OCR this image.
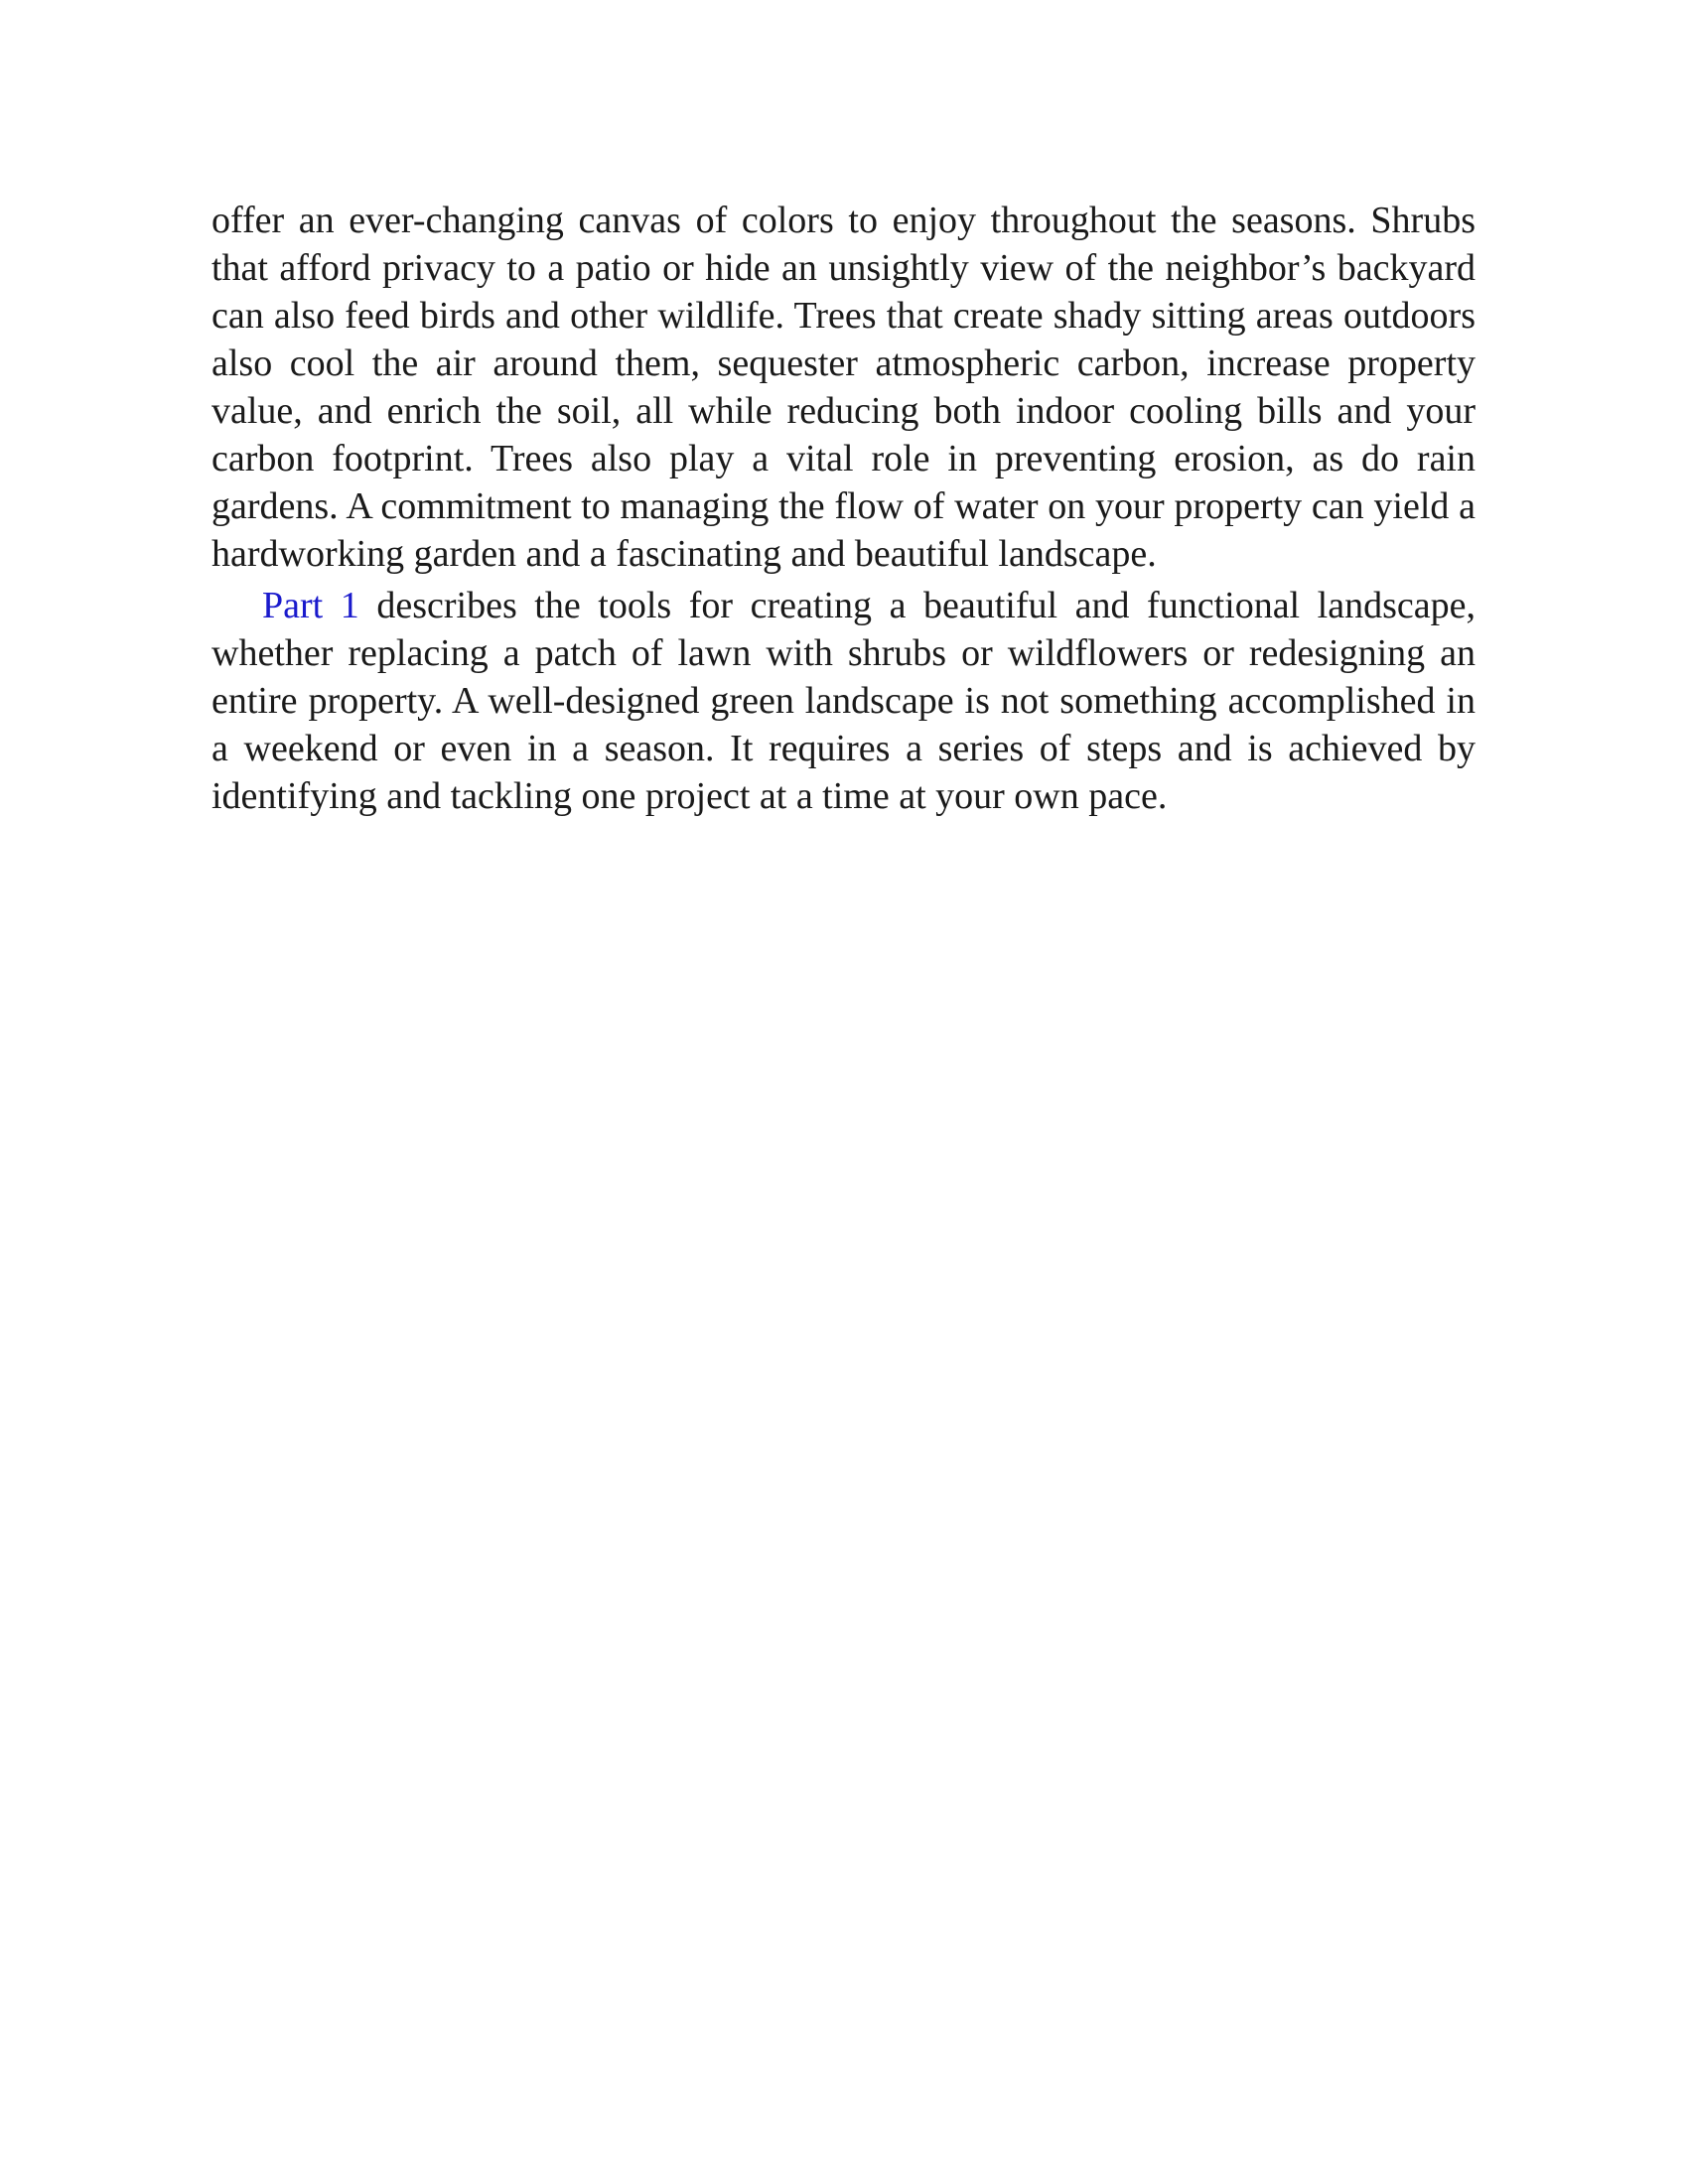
offer an ever-changing canvas of colors to enjoy throughout the seasons. Shrubs that afford privacy to a patio or hide an unsightly view of the neighbor’s backyard can also feed birds and other wildlife. Trees that create shady sitting areas outdoors also cool the air around them, sequester atmospheric carbon, increase property value, and enrich the soil, all while reducing both indoor cooling bills and your carbon footprint. Trees also play a vital role in preventing erosion, as do rain gardens. A commitment to managing the flow of water on your property can yield a hardworking garden and a fascinating and beautiful landscape.

Part 1 describes the tools for creating a beautiful and functional landscape, whether replacing a patch of lawn with shrubs or wildflowers or redesigning an entire property. A well-designed green landscape is not something accomplished in a weekend or even in a season. It requires a series of steps and is achieved by identifying and tackling one project at a time at your own pace.
